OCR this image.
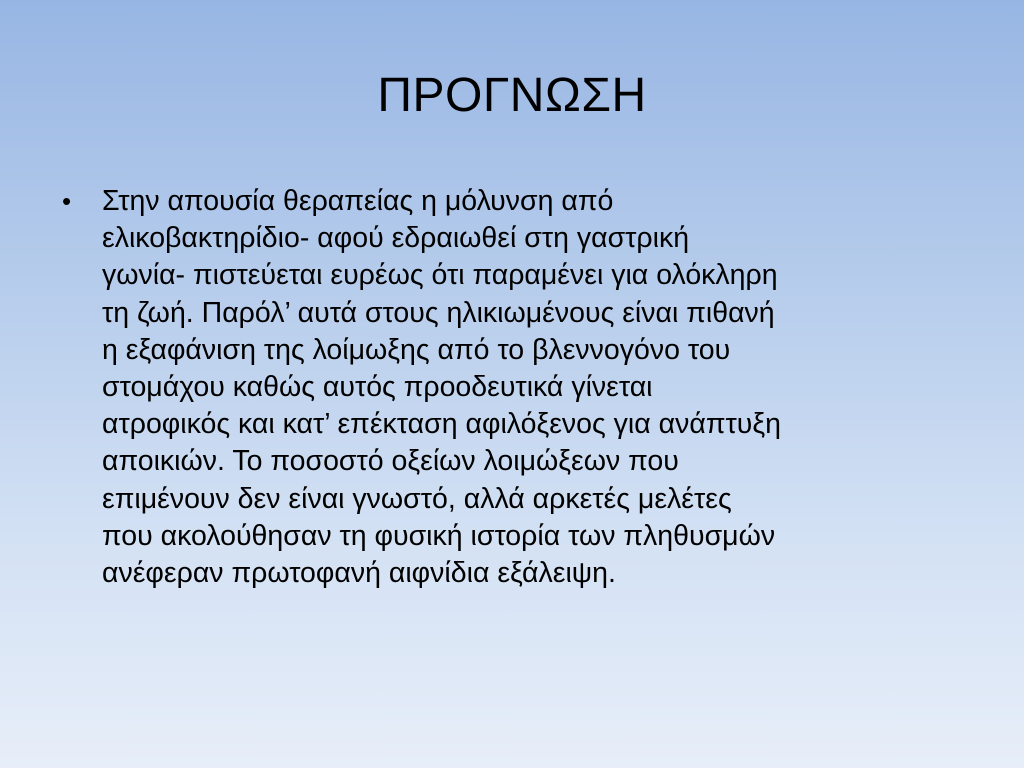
ΠΡΟΓΝΩΣΗ
• Στην απουσία θεραπείας η μόλυνση από
ελικοβακτηρίδιο- αφού εδραιωθεί στη γαστρική
γωνία- πιστεύεται ευρέως ότι παραμένει για ολόκληρη
τη ζωή. Παρόλ’ αυτά στους ηλικιωμένους είναι πιθανή
η εξαφάνιση της λοίμωξης από το βλεννογόνο του
στομάχου καθώς αυτός προοδευτικά γίνεται
ατροφικός και κατ’ επέκταση αφιλόξενος για ανάπτυξη
αποικιών. Το ποσοστό οξείων λοιμώξεων που
επιμένουν δεν είναι γνωστό, αλλά αρκετές μελέτες
που ακολούθησαν τη φυσική ιστορία των πληθυσμών
ανέφεραν πρωτοφανή αιφνίδια εξάλειψη.
